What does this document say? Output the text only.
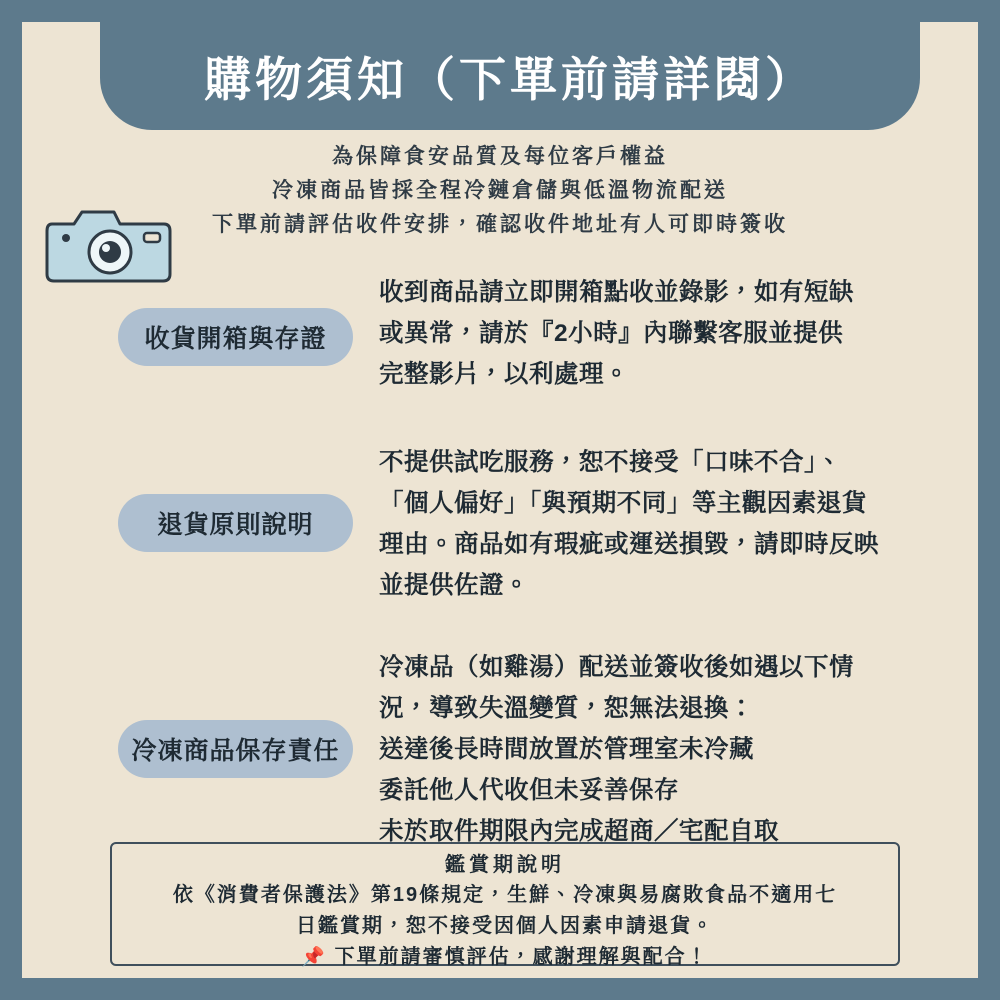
購物須知（下單前請詳閱）
為保障食安品質及每位客戶權益
冷凍商品皆採全程冷鏈倉儲與低溫物流配送
下單前請評估收件安排，確認收件地址有人可即時簽收
收貨開箱與存證
收到商品請立即開箱點收並錄影，如有短缺
或異常，請於『2小時』內聯繫客服並提供
完整影片，以利處理。
退貨原則說明
不提供試吃服務，恕不接受「口味不合」、
「個人偏好」「與預期不同」等主觀因素退貨
理由。商品如有瑕疵或運送損毀，請即時反映
並提供佐證。
冷凍商品保存責任
冷凍品（如雞湯）配送並簽收後如遇以下情
況，導致失溫變質，恕無法退換：
送達後長時間放置於管理室未冷藏
委託他人代收但未妥善保存
未於取件期限內完成超商／宅配自取
鑑賞期說明
依《消費者保護法》第19條規定，生鮮、冷凍與易腐敗食品不適用七
日鑑賞期，恕不接受因個人因素申請退貨。
📌 下單前請審慎評估，感謝理解與配合！
